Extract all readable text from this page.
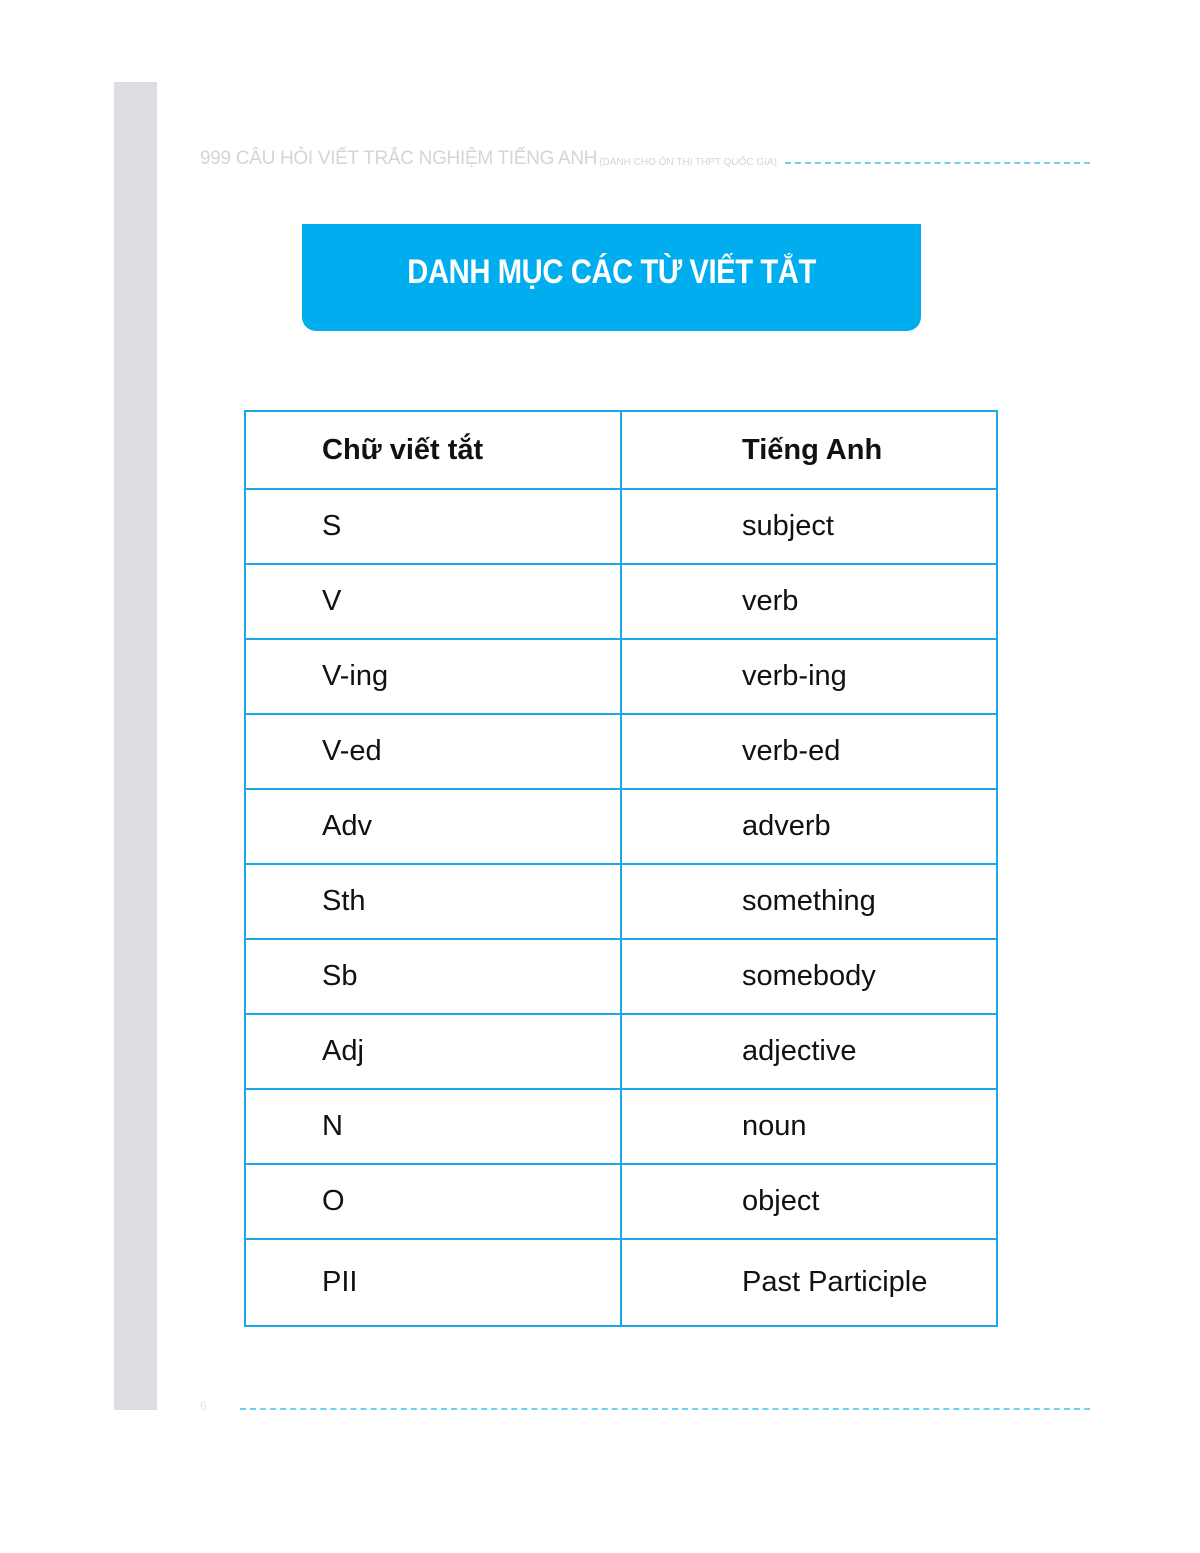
999 CÂU HỎI VIẾT TRẮC NGHIỆM TIẾNG ANH (DÀNH CHO ÔN THI THPT QUỐC GIA)
DANH MỤC CÁC TỪ VIẾT TẮT
Chữ viết tắt	Tiếng Anh
S	subject
V	verb
V-ing	verb-ing
V-ed	verb-ed
Adv	adverb
Sth	something
Sb	somebody
Adj	adjective
N	noun
O	object
PII	Past Participle
6
